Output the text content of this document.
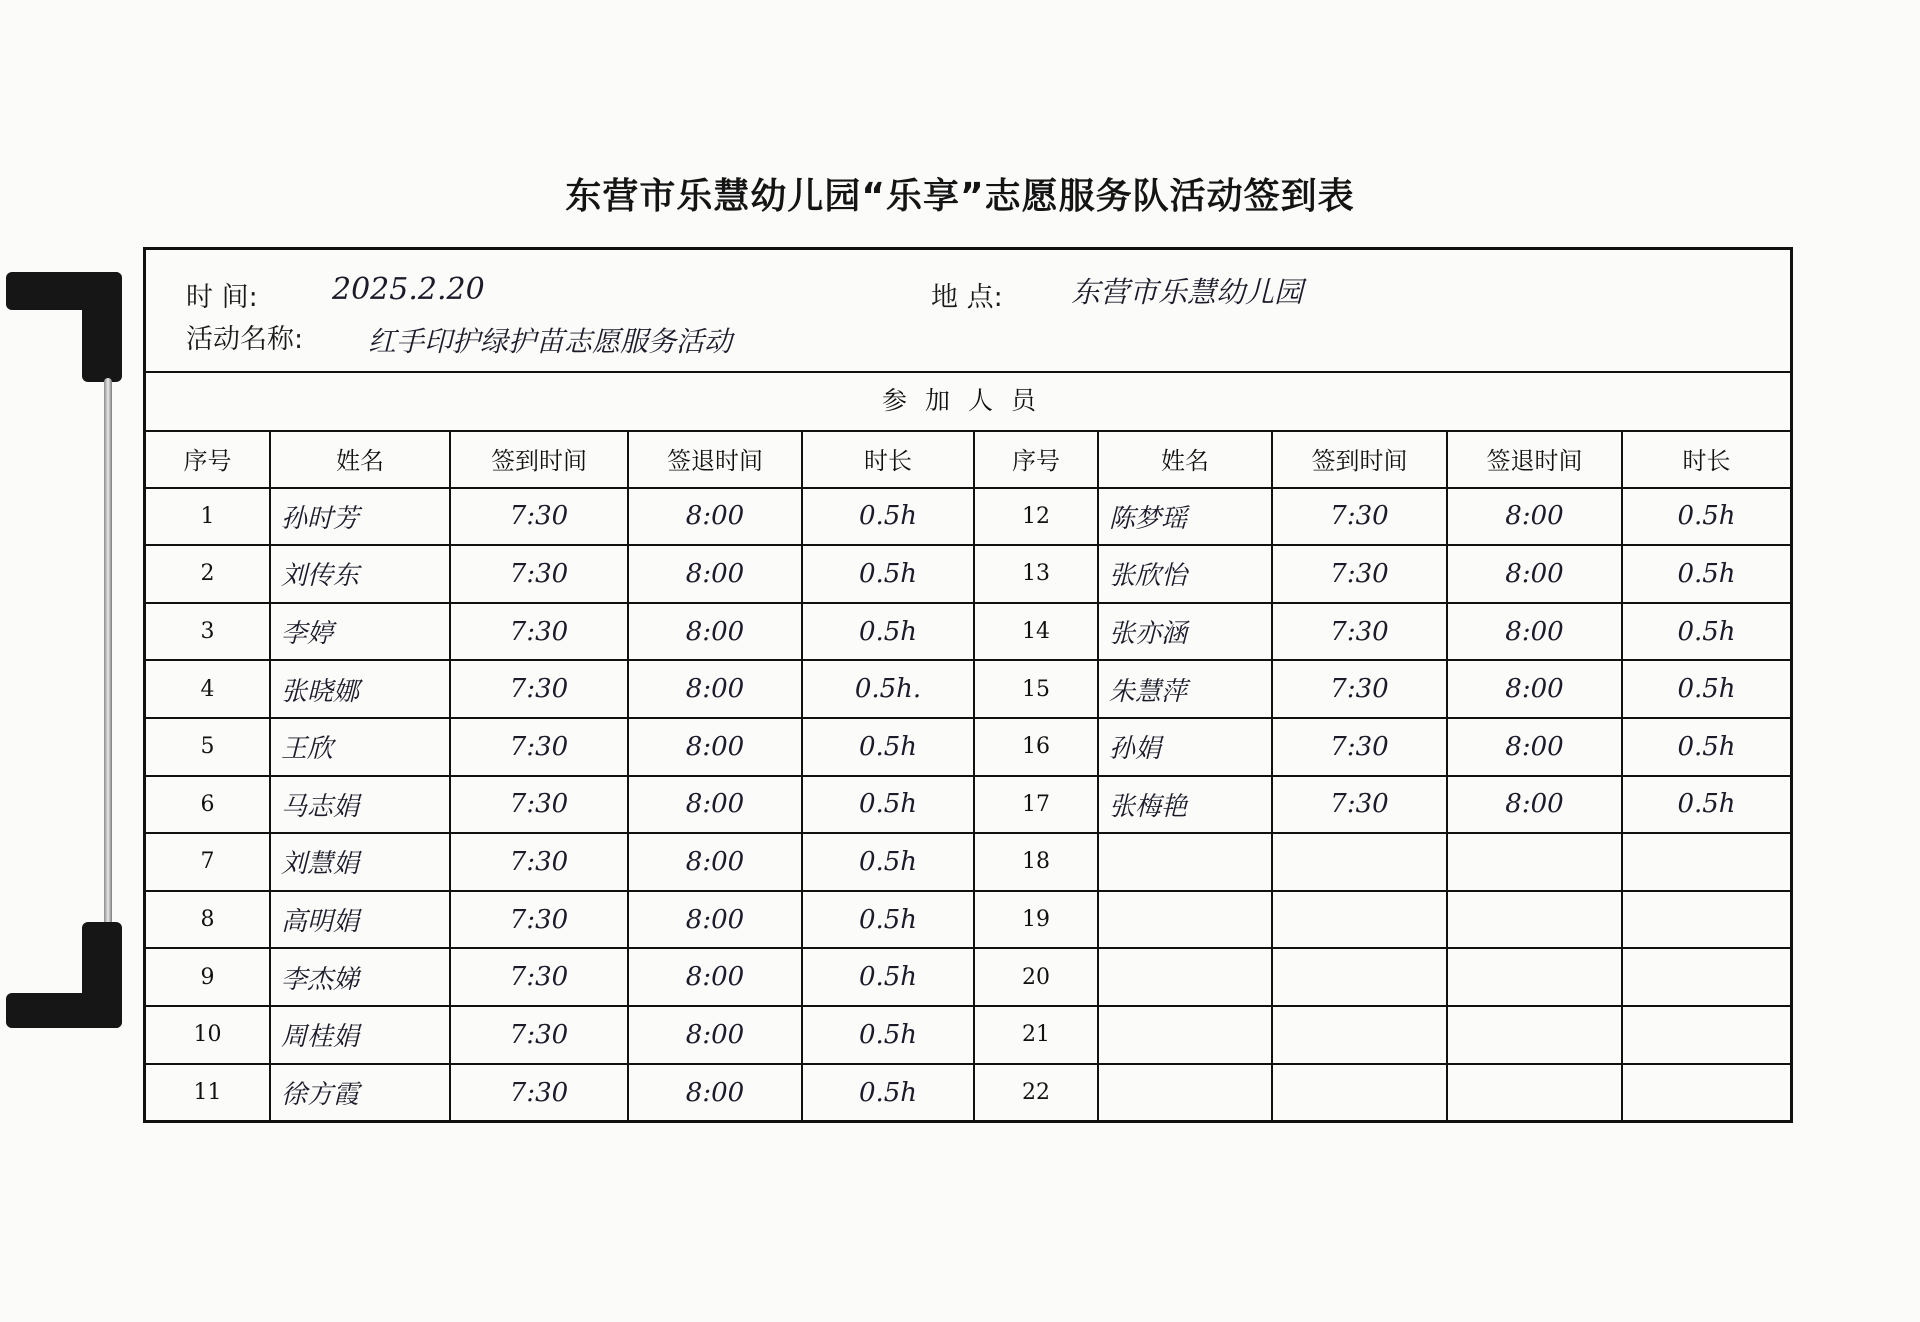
东营市乐慧幼儿园“乐享”志愿服务队活动签到表
时 间: 2025.2.20	地 点: 东营市乐慧幼儿园
活动名称: 红手印护绿护苗志愿服务活动
参加人员
序号	姓名	签到时间	签退时间	时长	序号	姓名	签到时间	签退时间	时长
1	孙时芳	7:30	8:00	0.5h	12	陈梦瑶	7:30	8:00	0.5h
2	刘传东	7:30	8:00	0.5h	13	张欣怡	7:30	8:00	0.5h
3	李婷	7:30	8:00	0.5h	14	张亦涵	7:30	8:00	0.5h
4	张晓娜	7:30	8:00	0.5h.	15	朱慧萍	7:30	8:00	0.5h
5	王欣	7:30	8:00	0.5h	16	孙娟	7:30	8:00	0.5h
6	马志娟	7:30	8:00	0.5h	17	张梅艳	7:30	8:00	0.5h
7	刘慧娟	7:30	8:00	0.5h	18				
8	高明娟	7:30	8:00	0.5h	19				
9	李杰娣	7:30	8:00	0.5h	20				
10	周桂娟	7:30	8:00	0.5h	21				
11	徐方霞	7:30	8:00	0.5h	22				
